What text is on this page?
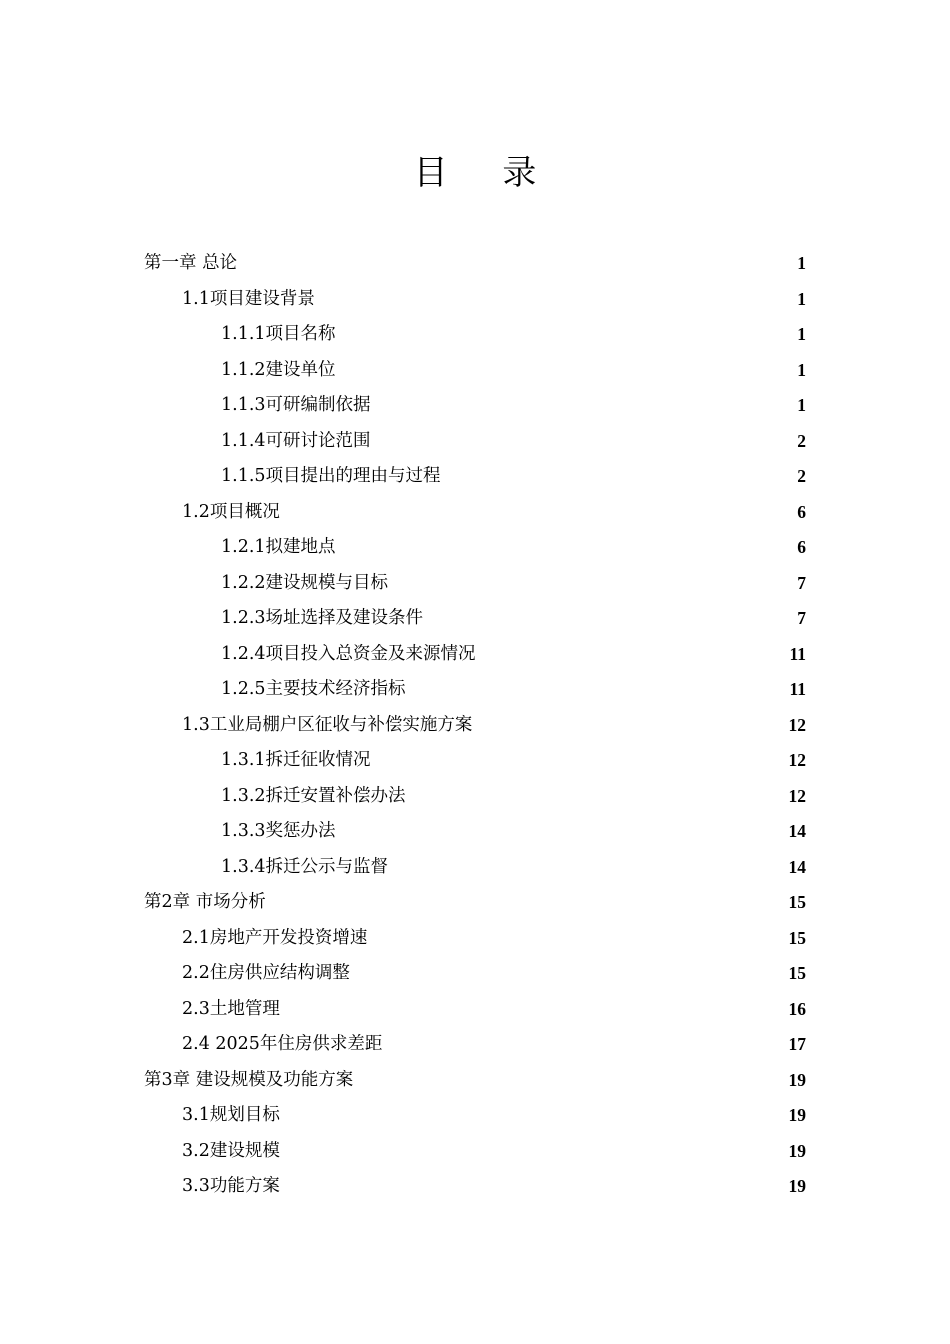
目 录
第一章 总论	1
1.1项目建设背景	1
1.1.1项目名称	1
1.1.2建设单位	1
1.1.3可研编制依据	1
1.1.4可研讨论范围	2
1.1.5项目提出的理由与过程	2
1.2项目概况	6
1.2.1拟建地点	6
1.2.2建设规模与目标	7
1.2.3场址选择及建设条件	7
1.2.4项目投入总资金及来源情况	11
1.2.5主要技术经济指标	11
1.3工业局棚户区征收与补偿实施方案	12
1.3.1拆迁征收情况	12
1.3.2拆迁安置补偿办法	12
1.3.3奖惩办法	14
1.3.4拆迁公示与监督	14
第2章 市场分析	15
2.1房地产开发投资增速	15
2.2住房供应结构调整	15
2.3土地管理	16
2.4 2025年住房供求差距	17
第3章 建设规模及功能方案	19
3.1规划目标	19
3.2建设规模	19
3.3功能方案	19
